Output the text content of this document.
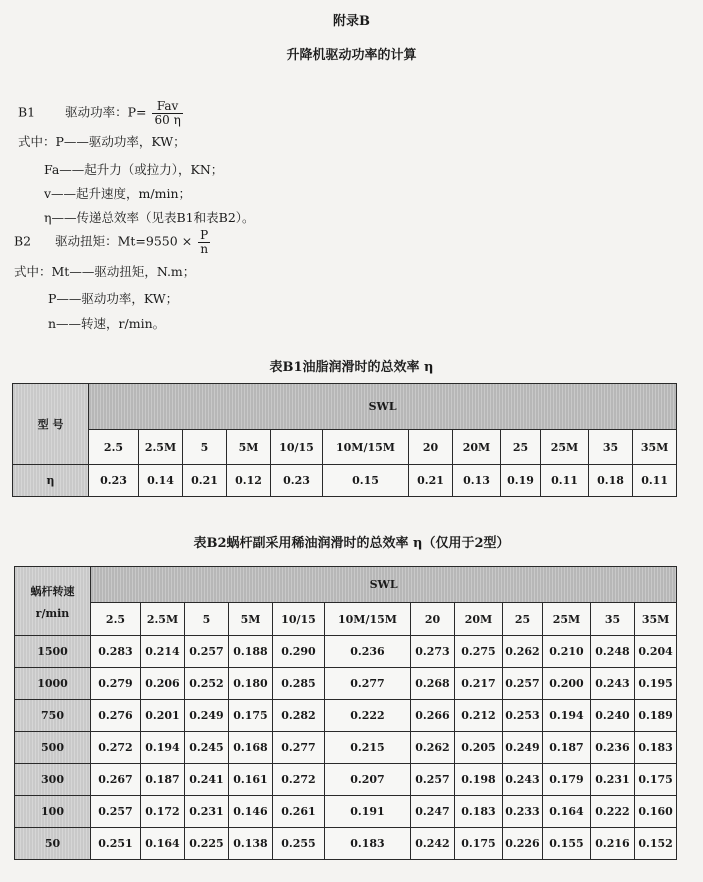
附录B
升降机驱动功率的计算
B1 驱动功率：$P= \frac{\text{Fav}}{60 \eta}$
式中：P——驱动功率，KW；
Fa——起升力（或拉力），KN；
v——起升速度，m/min；
η——传递总效率（见表B1和表B2）。
B2 驱动扭矩：$Mt=9550 \times \frac{P}{n}$
式中：Mt——驱动扭矩，N.m；
P——驱动功率，KW；
n——转速，r/min。
表B1油脂润滑时的总效率 η
型 号	SWL											
	2.5	2.5M	5	5M	10/15	10M/15M	20	20M	25	25M	35	35M
η	0.23	0.14	0.21	0.12	0.23	0.15	0.21	0.13	0.19	0.11	0.18	0.11
表B2蜗杆副采用稀油润滑时的总效率 η（仅用于2型）
蜗杆转速
r/min	SWL											
	2.5	2.5M	5	5M	10/15	10M/15M	20	20M	25	25M	35	35M
1500	0.283	0.214	0.257	0.188	0.290	0.236	0.273	0.275	0.262	0.210	0.248	0.204
1000	0.279	0.206	0.252	0.180	0.285	0.277	0.268	0.217	0.257	0.200	0.243	0.195
750	0.276	0.201	0.249	0.175	0.282	0.222	0.266	0.212	0.253	0.194	0.240	0.189
500	0.272	0.194	0.245	0.168	0.277	0.215	0.262	0.205	0.249	0.187	0.236	0.183
300	0.267	0.187	0.241	0.161	0.272	0.207	0.257	0.198	0.243	0.179	0.231	0.175
100	0.257	0.172	0.231	0.146	0.261	0.191	0.247	0.183	0.233	0.164	0.222	0.160
50	0.251	0.164	0.225	0.138	0.255	0.183	0.242	0.175	0.226	0.155	0.216	0.152
